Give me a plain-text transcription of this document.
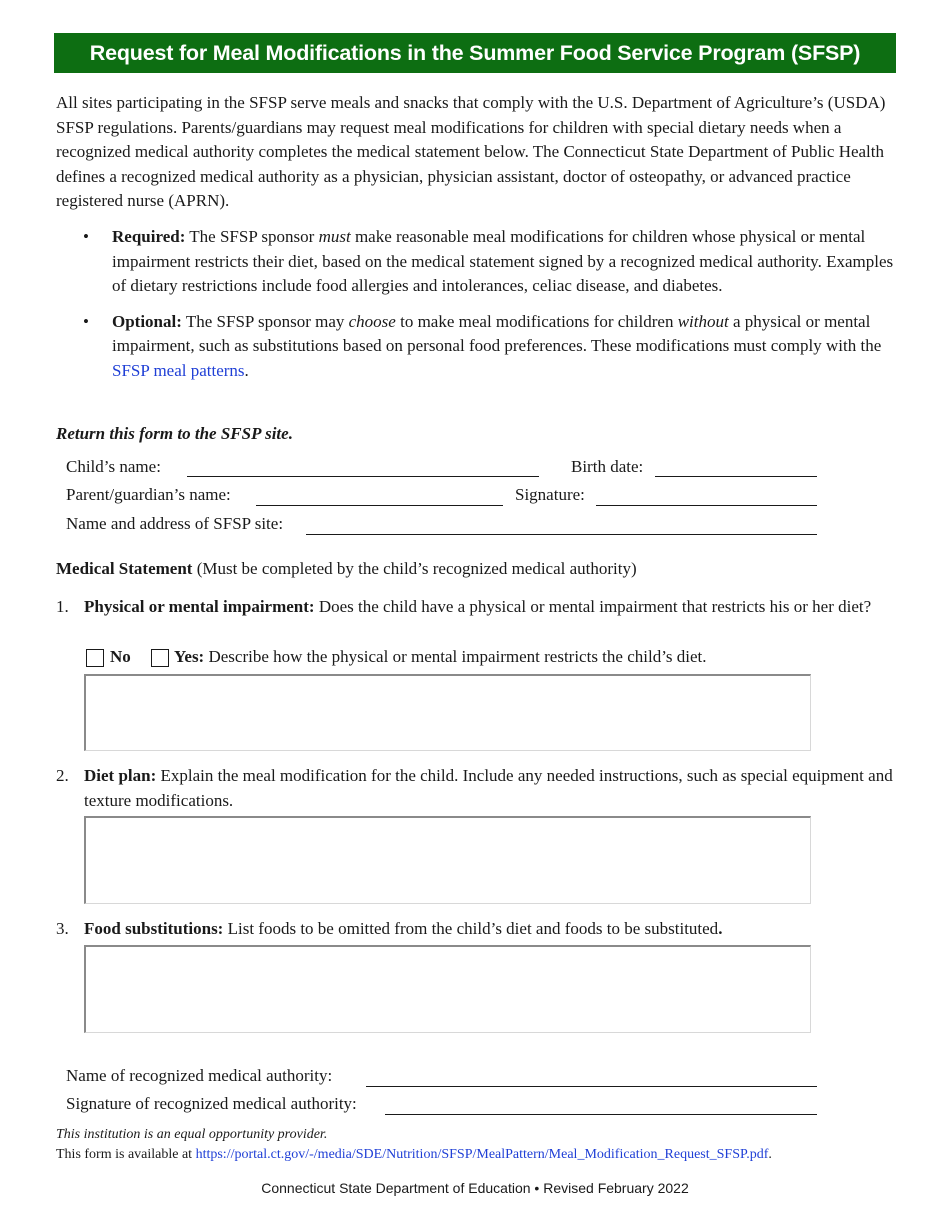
Request for Meal Modifications in the Summer Food Service Program (SFSP)

All sites participating in the SFSP serve meals and snacks that comply with the U.S. Department of Agriculture’s (USDA) SFSP regulations. Parents/guardians may request meal modifications for children with special dietary needs when a recognized medical authority completes the medical statement below. The Connecticut State Department of Public Health defines a recognized medical authority as a physician, physician assistant, doctor of osteopathy, or advanced practice registered nurse (APRN).

• Required: The SFSP sponsor must make reasonable meal modifications for children whose physical or mental impairment restricts their diet, based on the medical statement signed by a recognized medical authority. Examples of dietary restrictions include food allergies and intolerances, celiac disease, and diabetes.
• Optional: The SFSP sponsor may choose to make meal modifications for children without a physical or mental impairment, such as substitutions based on personal food preferences. These modifications must comply with the SFSP meal patterns.
Return this form to the SFSP site.
Child’s name:	Birth date:
Parent/guardian’s name:	Signature:
Name and address of SFSP site:
Medical Statement (Must be completed by the child’s recognized medical authority)
1. Physical or mental impairment: Does the child have a physical or mental impairment that restricts his or her diet?
No	Yes: Describe how the physical or mental impairment restricts the child’s diet.
2. Diet plan: Explain the meal modification for the child. Include any needed instructions, such as special equipment and texture modifications.
3. Food substitutions: List foods to be omitted from the child’s diet and foods to be substituted.
Name of recognized medical authority:
Signature of recognized medical authority:
This institution is an equal opportunity provider.
This form is available at https://portal.ct.gov/-/media/SDE/Nutrition/SFSP/MealPattern/Meal_Modification_Request_SFSP.pdf.
Connecticut State Department of Education • Revised February 2022
